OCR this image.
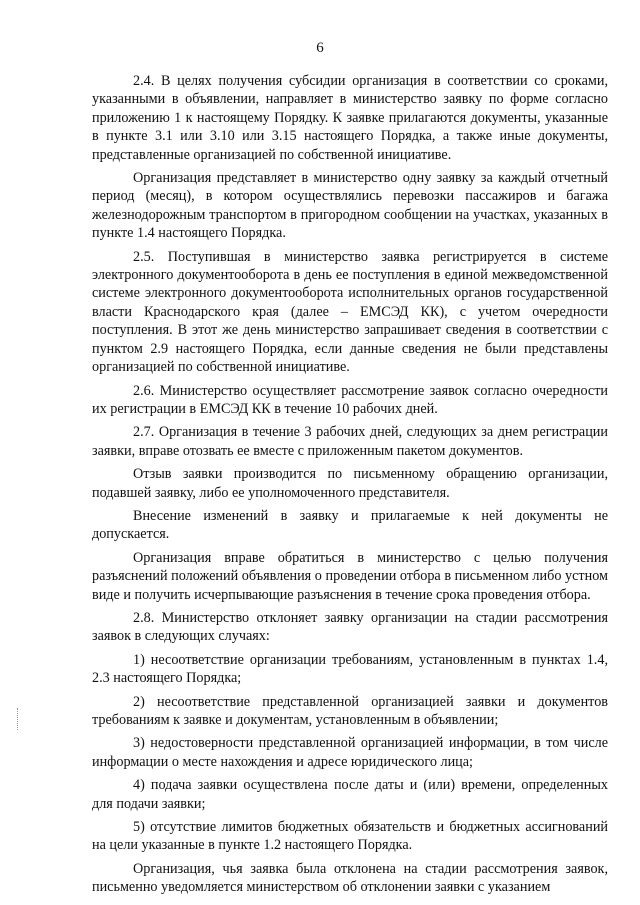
6

2.4. В целях получения субсидии организация в соответствии со сроками, указанными в объявлении, направляет в министерство заявку по форме согласно приложению 1 к настоящему Порядку. К заявке прилагаются документы, указанные в пункте 3.1 или 3.10 или 3.15 настоящего Порядка, а также иные документы, представленные организацией по собственной инициативе.

Организация представляет в министерство одну заявку за каждый отчетный период (месяц), в котором осуществлялись перевозки пассажиров и багажа железнодорожным транспортом в пригородном сообщении на участках, указанных в пункте 1.4 настоящего Порядка.

2.5. Поступившая в министерство заявка регистрируется в системе электронного документооборота в день ее поступления в единой межведомственной системе электронного документооборота исполнительных органов государственной власти Краснодарского края (далее – ЕМСЭД КК), с учетом очередности поступления. В этот же день министерство запрашивает сведения в соответствии с пунктом 2.9 настоящего Порядка, если данные сведения не были представлены организацией по собственной инициативе.

2.6. Министерство осуществляет рассмотрение заявок согласно очередности их регистрации в ЕМСЭД КК в течение 10 рабочих дней.

2.7. Организация в течение 3 рабочих дней, следующих за днем регистрации заявки, вправе отозвать ее вместе с приложенным пакетом документов.

Отзыв заявки производится по письменному обращению организации, подавшей заявку, либо ее уполномоченного представителя.

Внесение изменений в заявку и прилагаемые к ней документы не допускается.

Организация вправе обратиться в министерство с целью получения разъяснений положений объявления о проведении отбора в письменном либо устном виде и получить исчерпывающие разъяснения в течение срока проведения отбора.

2.8. Министерство отклоняет заявку организации на стадии рассмотрения заявок в следующих случаях:

1) несоответствие организации требованиям, установленным в пунктах 1.4, 2.3 настоящего Порядка;

2) несоответствие представленной организацией заявки и документов требованиям к заявке и документам, установленным в объявлении;

3) недостоверности представленной организацией информации, в том числе информации о месте нахождения и адресе юридического лица;

4) подача заявки осуществлена после даты и (или) времени, определенных для подачи заявки;

5) отсутствие лимитов бюджетных обязательств и бюджетных ассигнований на цели указанные в пункте 1.2 настоящего Порядка.

Организация, чья заявка была отклонена на стадии рассмотрения заявок, письменно уведомляется министерством об отклонении заявки с указанием
